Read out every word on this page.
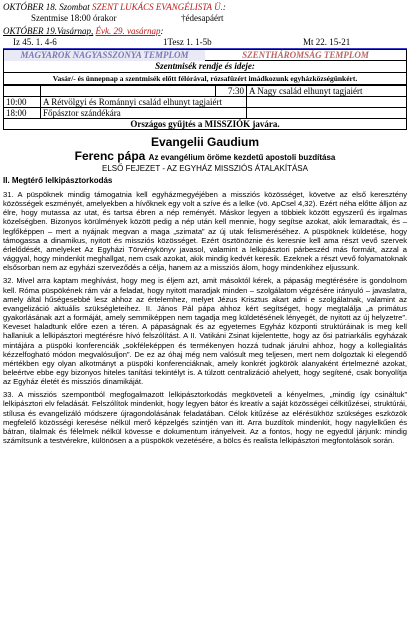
OKTÓBER 18. Szombat SZENT LUKÁCS EVANGÉLISTA Ü.:
Szentmise 18:00 órakor	†édesapáért
OKTÓBER 19.Vasárnap, Évk. 29. vasárnap:
Iz 45. 1. 4-6	1Tesz 1. 1-5b	Mt 22. 15-21
MAGYAROK NAGYASSZONYA TEMPLOM	SZENTHÁROMSÁG TEMPLOM
Szentmisék rendje és ideje:
Vasár/- és ünnepnap a szentmisék előtt félórával, rózsafüzért imádkozunk egyházközségünkért.
		7:30	A Nagy család elhunyt tagjaiért
10:00	A Rétvölgyi és Románnyi család elhunyt tagjaiért		
18:00	Főpásztor szándékára		
Országos gyűjtés a MISSZIÓK javára.			
Evangelii Gaudium
Ferenc pápa Az evangélium öröme kezdetű apostoli buzdítása
ELSŐ FEJEZET - AZ EGYHÁZ MISSZIÓS ÁTALAKÍTÁSA
II. Megtérő lelkipásztorkodás

31. A püspöknek mindig támogatnia kell egyházmegyéjében a missziós közösséget, követve az első keresztény közösségek eszményét, amelyekben a hívőknek egy volt a szíve és a lelke (vö. ApCsel 4,32). Ezért néha előtte álljon az élre, hogy mutassa az utat, és tartsa ébren a nép reményét. Máskor legyen a többiek között egyszerű és irgalmas közelségben. Bizonyos körülmények között pedig a nép után kell mennie, hogy segítse azokat, akik lemaradtak, és – legfőképpen – mert a nyájnak megvan a maga „szimata” az új utak felismeréséhez. A püspöknek küldetése, hogy támogassa a dinamikus, nyitott és missziós közösséget. Ezért ösztönöznie és keresnie kell ama részt vevő szervek érlelődését, amelyeket Az Egyházi Törvénykönyv javasol, valamint a lelkipásztori párbeszéd más formáit, azzal a vággyal, hogy mindenkit meghallgat, nem csak azokat, akik mindig kedvét keresik. Ezeknek a részt vevő folyamatoknak elsősorban nem az egyházi szerveződés a célja, hanem az a missziós álom, hogy mindenkihez eljussunk.

32. Mivel arra kaptam meghívást, hogy meg is éljem azt, amit másoktól kérek, a pápaság megtérésére is gondolnom kell. Róma püspökének rám vár a feladat, hogy nyitott maradjak minden – szolgálatom végzésére irányuló – javaslatra, amely által hűségesebbé lesz ahhoz az értelemhez, melyet Jézus Krisztus akart adni e szolgálatnak, valamint az evangelizáció aktuális szükségleteihez. II. János Pál pápa ahhoz kért segítséget, hogy megtalálja „a primátus gyakorlásának azt a formáját, amely semmiképpen nem tagadja meg küldetésének lényegét, de nyitott az új helyzetre”. Keveset haladtunk előre ezen a téren. A pápaságnak és az egyetemes Egyház központi struktúráinak is meg kell hallaniuk a lelkipásztori megtérésre hívó felszólítást. A II. Vatikáni Zsinat kijelentette, hogy az ősi patriarkális egyházak mintájára a püspöki konferenciák „sokféleképpen és termékenyen hozzá tudnak járulni ahhoz, hogy a kollegialitás kézzelfogható módon megvalósuljon”. De ez az óhaj még nem valósult meg teljesen, mert nem dolgoztak ki elegendő mértékben egy olyan alkotmányt a püspöki konferenciáknak, amely konkrét jogkörök alanyaként értelmezné azokat, beleértve ebbe egy bizonyos hiteles tanítási tekintélyt is. A túlzott centralizáció ahelyett, hogy segítené, csak bonyolítja az Egyház életét és missziós dinamikáját.

33. A missziós szempontból megfogalmazott lelkipásztorkodás megköveteli a kényelmes, „mindig így csináltuk” lelkipásztori elv feladását. Felszólítok mindenkit, hogy legyen bátor és kreatív a saját közösségei célkitűzései, struktúrái, stílusa és evangelizáló módszere újragondolásának feladatában. Célok kitűzése az elérésükhöz szükséges eszközök megfelelő közösségi keresése nélkül merő képzelgés szintjén van itt. Arra buzdítok mindenkit, hogy nagylelkűen és bátran, tilalmak és félelmek nélkül kövesse e dokumentum irányelveit. Az a fontos, hogy ne egyedül járjunk: mindig számítsunk a testvérekre, különösen a a püspökök vezetésére, a bölcs és realista lelkipásztori megfontolások során.
